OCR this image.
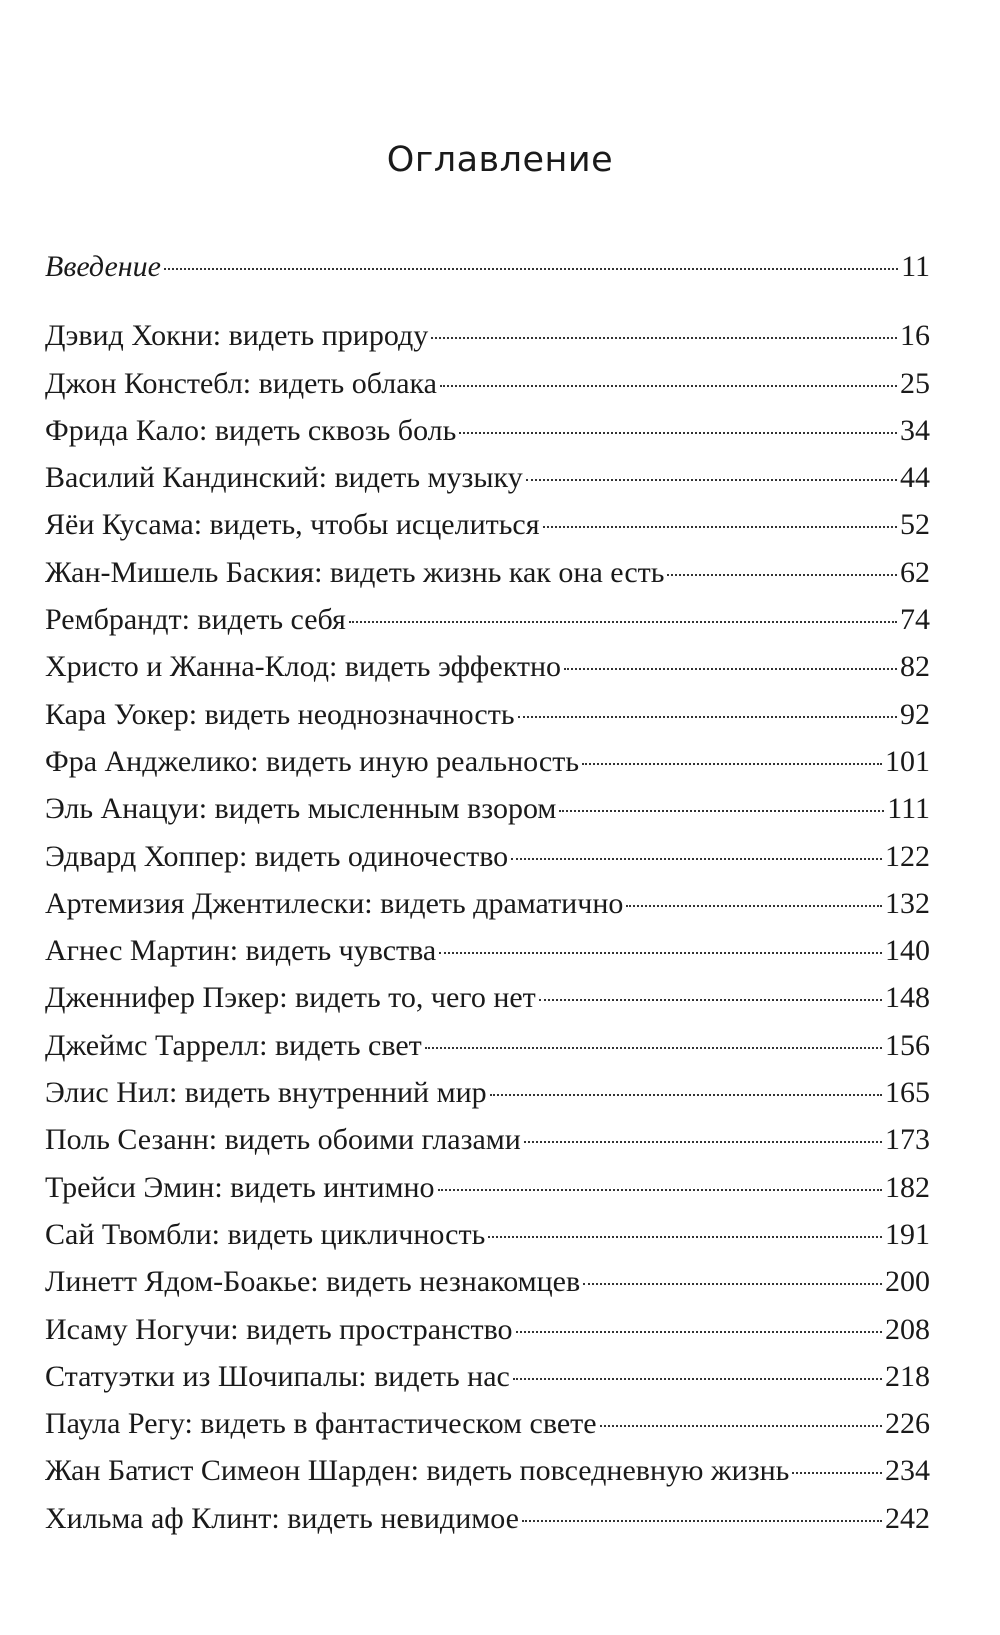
Оглавление
Введение	11
Дэвид Хокни: видеть природу	16
Джон Констебл: видеть облака	25
Фрида Кало: видеть сквозь боль	34
Василий Кандинский: видеть музыку	44
Яёи Кусама: видеть, чтобы исцелиться	52
Жан-Мишель Баския: видеть жизнь как она есть	62
Рембрандт: видеть себя	74
Христо и Жанна-Клод: видеть эффектно	82
Кара Уокер: видеть неоднозначность	92
Фра Анджелико: видеть иную реальность	101
Эль Анацуи: видеть мысленным взором	111
Эдвард Хоппер: видеть одиночество	122
Артемизия Джентилески: видеть драматично	132
Агнес Мартин: видеть чувства	140
Дженнифер Пэкер: видеть то, чего нет	148
Джеймс Таррелл: видеть свет	156
Элис Нил: видеть внутренний мир	165
Поль Сезанн: видеть обоими глазами	173
Трейси Эмин: видеть интимно	182
Сай Твомбли: видеть цикличность	191
Линетт Ядом-Боакье: видеть незнакомцев	200
Исаму Ногучи: видеть пространство	208
Статуэтки из Шочипалы: видеть нас	218
Паула Регу: видеть в фантастическом свете	226
Жан Батист Симеон Шарден: видеть повседневную жизнь	234
Хильма аф Клинт: видеть невидимое	242
